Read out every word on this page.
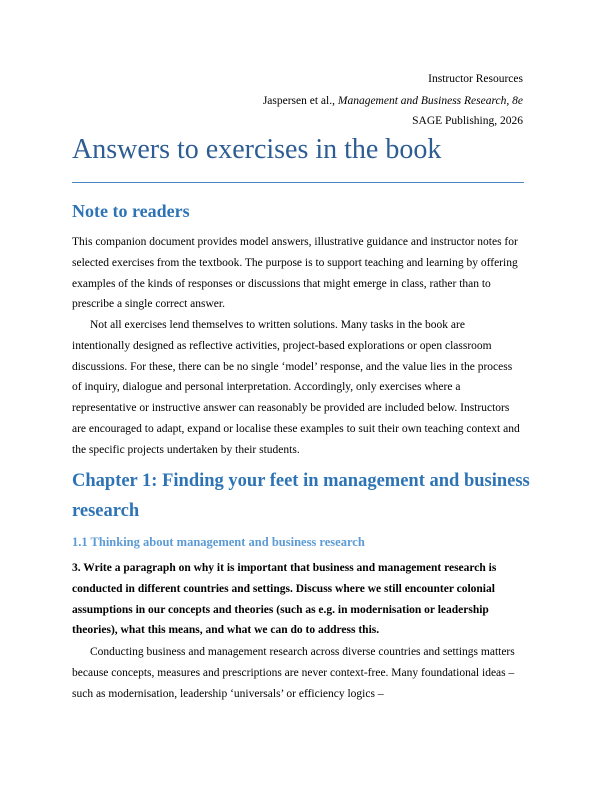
Instructor Resources
Jaspersen et al., Management and Business Research, 8e
SAGE Publishing, 2026
Answers to exercises in the book
Note to readers

This companion document provides model answers, illustrative guidance and instructor notes for selected exercises from the textbook. The purpose is to support teaching and learning by offering examples of the kinds of responses or discussions that might emerge in class, rather than to prescribe a single correct answer.

Not all exercises lend themselves to written solutions. Many tasks in the book are intentionally designed as reflective activities, project-based explorations or open classroom discussions. For these, there can be no single ‘model’ response, and the value lies in the process of inquiry, dialogue and personal interpretation. Accordingly, only exercises where a representative or instructive answer can reasonably be provided are included below. Instructors are encouraged to adapt, expand or localise these examples to suit their own teaching context and the specific projects undertaken by their students.

Chapter 1: Finding your feet in management and business research
1.1 Thinking about management and business research

3. Write a paragraph on why it is important that business and management research is conducted in different countries and settings. Discuss where we still encounter colonial assumptions in our concepts and theories (such as e.g. in modernisation or leadership theories), what this means, and what we can do to address this.

Conducting business and management research across diverse countries and settings matters because concepts, measures and prescriptions are never context-free. Many foundational ideas – such as modernisation, leadership ‘universals’ or efficiency logics –
